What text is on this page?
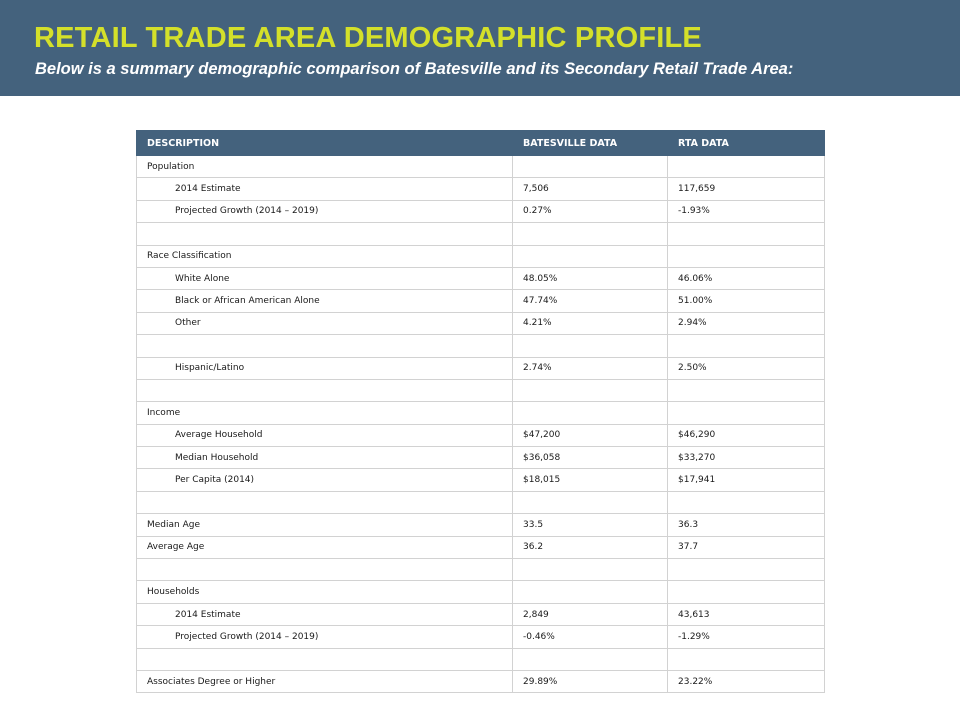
RETAIL TRADE AREA DEMOGRAPHIC PROFILE

Below is a summary demographic comparison of Batesville and its Secondary Retail Trade Area:

DESCRIPTION	BATESVILLE DATA	RTA DATA
Population		
2014 Estimate	7,506	117,659
Projected Growth (2014 – 2019)	0.27%	-1.93%

Race Classification		
White Alone	48.05%	46.06%
Black or African American Alone	47.74%	51.00%
Other	4.21%	2.94%

Hispanic/Latino	2.74%	2.50%

Income		
Average Household	$47,200	$46,290
Median Household	$36,058	$33,270
Per Capita (2014)	$18,015	$17,941

Median Age	33.5	36.3
Average Age	36.2	37.7

Households		
2014 Estimate	2,849	43,613
Projected Growth (2014 – 2019)	-0.46%	-1.29%

Associates Degree or Higher	29.89%	23.22%
